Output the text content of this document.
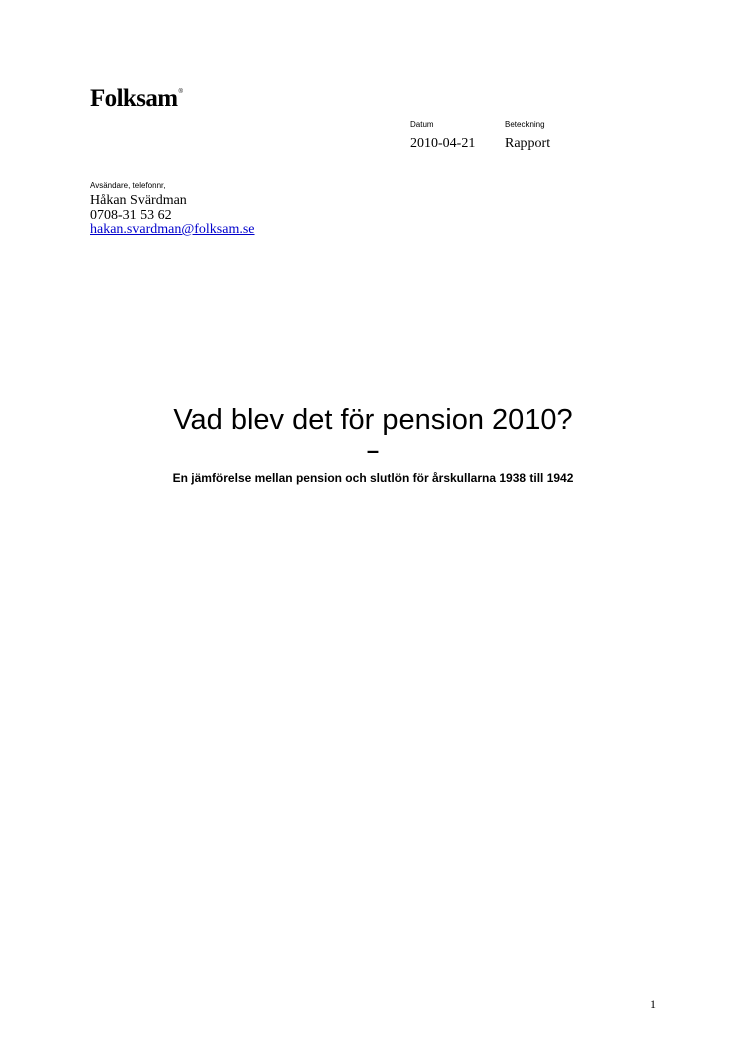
Folksam®
Datum	Beteckning
2010-04-21 Rapport
Avsändare, telefonnr,
Håkan Svärdman
0708-31 53 62
hakan.svardman@folksam.se
Vad blev det för pension 2010?
–
En jämförelse mellan pension och slutlön för årskullarna 1938 till 1942
1
